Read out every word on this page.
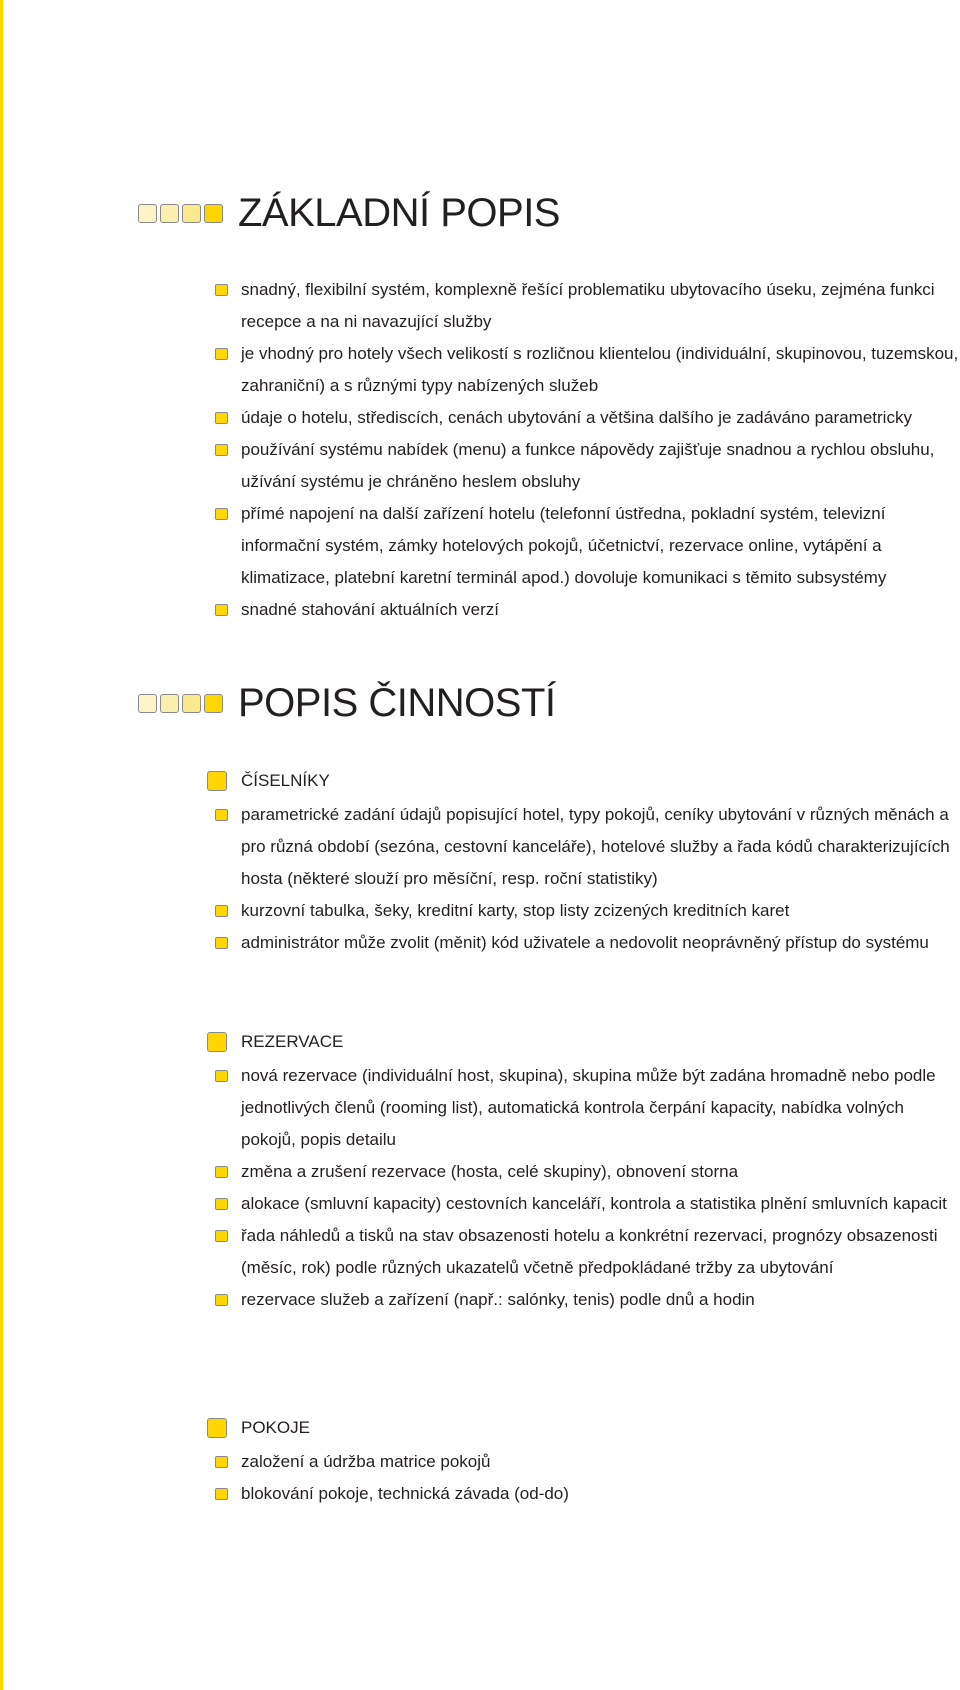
ZÁKLADNÍ POPIS
snadný, flexibilní systém, komplexně řešící problematiku ubytovacího úseku, zejména funkci recepce a na ni navazující služby
je vhodný pro hotely všech velikostí s rozličnou klientelou (individuální, skupinovou, tuzemskou, zahraniční) a s různými typy nabízených služeb
údaje o hotelu, střediscích, cenách ubytování a většina dalšího je zadáváno parametricky
používání systému nabídek (menu) a funkce nápovědy zajišťuje snadnou a rychlou obsluhu, užívání systému je chráněno heslem obsluhy
přímé napojení na další zařízení hotelu (telefonní ústředna, pokladní systém, televizní informační systém, zámky hotelových pokojů, účetnictví, rezervace online, vytápění a klimatizace, platební karetní terminál apod.) dovoluje komunikaci s těmito subsystémy
snadné stahování aktuálních verzí
POPIS ČINNOSTÍ
ČÍSELNÍKY
parametrické zadání údajů popisující hotel, typy pokojů, ceníky ubytování v různých měnách a pro různá období (sezóna, cestovní kanceláře), hotelové služby a řada kódů charakterizujících hosta (některé slouží pro měsíční, resp. roční statistiky)
kurzovní tabulka, šeky, kreditní karty, stop listy zcizených kreditních karet
administrátor může zvolit (měnit) kód uživatele a nedovolit neoprávněný přístup do systému
REZERVACE
nová rezervace (individuální host, skupina), skupina může být zadána hromadně nebo podle jednotlivých členů (rooming list), automatická kontrola čerpání kapacity, nabídka volných pokojů, popis detailu
změna a zrušení rezervace (hosta, celé skupiny), obnovení storna
alokace (smluvní kapacity) cestovních kanceláří, kontrola a statistika plnění smluvních kapacit
řada náhledů a tisků na stav obsazenosti hotelu a konkrétní rezervaci, prognózy obsazenosti (měsíc, rok) podle různých ukazatelů včetně předpokládané tržby za ubytování
rezervace služeb a zařízení (např.: salónky, tenis) podle dnů a hodin
POKOJE
založení a údržba matrice pokojů
blokování pokoje, technická závada (od-do)
